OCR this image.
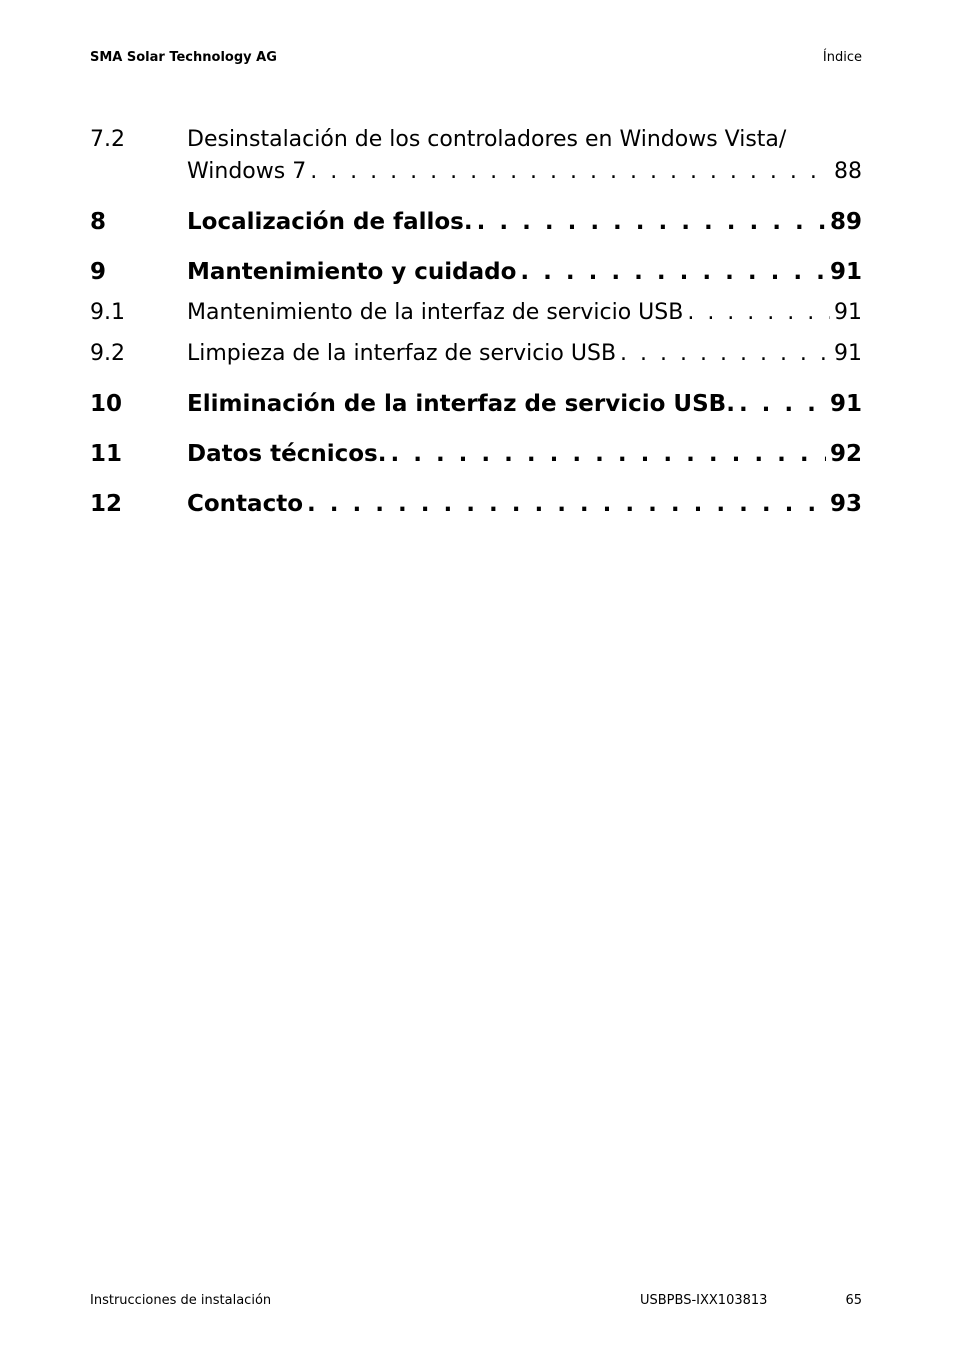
SMA Solar Technology AG	Índice
7.2	Desinstalación de los controladores en Windows Vista/
Windows 7 . . .	88
8	Localización de fallos. . . .	89
9	Mantenimiento y cuidado . . .	91
9.1	Mantenimiento de la interfaz de servicio USB . . .	91
9.2	Limpieza de la interfaz de servicio USB . . .	91
10	Eliminación de la interfaz de servicio USB. . . .	91
11	Datos técnicos. . . .	92
12	Contacto . . .	93
Instrucciones de instalación	USBPBS-IXX103813	65
